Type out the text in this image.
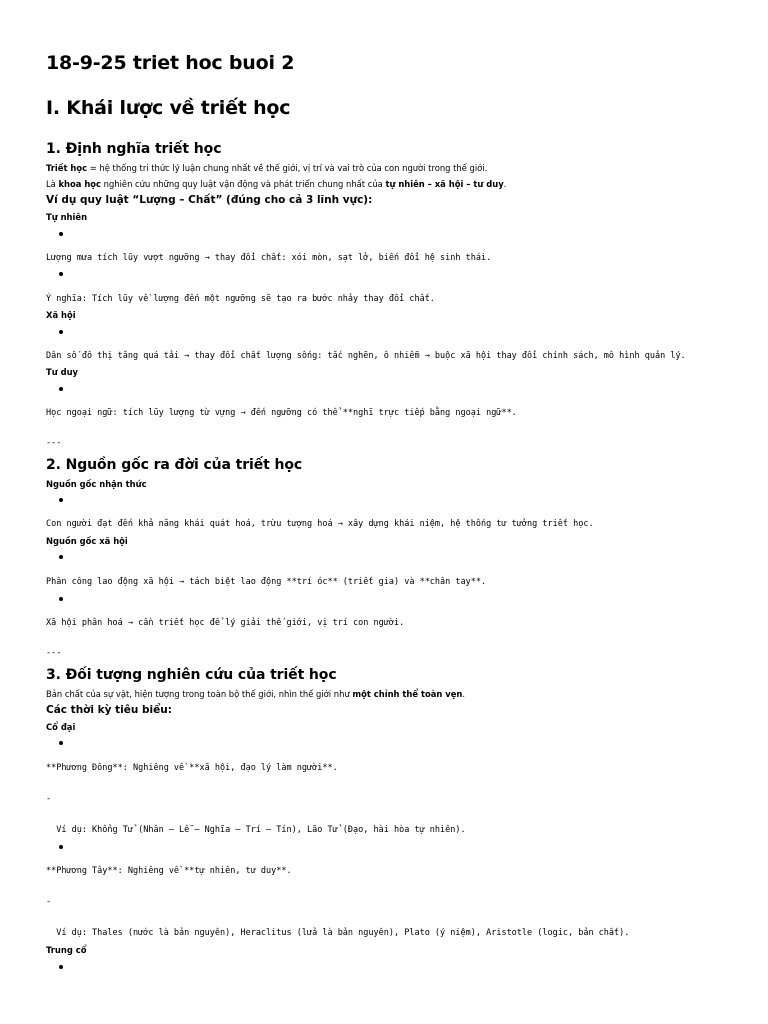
18-9-25 triet hoc buoi 2
I. Khái lược về triết học
1. Định nghĩa triết học
Triết học = hệ thống tri thức lý luận chung nhất về thế giới, vị trí và vai trò của con người trong thế giới.
Là khoa học nghiên cứu những quy luật vận động và phát triển chung nhất của tự nhiên – xã hội – tư duy.
Ví dụ quy luật “Lượng – Chất” (đúng cho cả 3 lĩnh vực):
Tự nhiên
Lượng mưa tích lũy vượt ngưỡng → thay đổi chất: xói mòn, sạt lở, biến đổi hệ sinh thái.
Ý nghĩa: Tích lũy về lượng đến một ngưỡng sẽ tạo ra bước nhảy thay đổi chất.
Xã hội
Dân số đô thị tăng quá tải → thay đổi chất lượng sống: tắc nghẽn, ô nhiễm → buộc xã hội thay đổi chính sách, mô hình quản lý.
Tư duy
Học ngoại ngữ: tích lũy lượng từ vựng → đến ngưỡng có thể **nghĩ trực tiếp bằng ngoại ngữ**.
---
2. Nguồn gốc ra đời của triết học
Nguồn gốc nhận thức
Con người đạt đến khả năng khái quát hoá, trừu tượng hoá → xây dựng khái niệm, hệ thống tư tưởng triết học.
Nguồn gốc xã hội
Phân công lao động xã hội → tách biệt lao động **trí óc** (triết gia) và **chân tay**.
Xã hội phân hoá → cần triết học để lý giải thế giới, vị trí con người.
---
3. Đối tượng nghiên cứu của triết học
Bản chất của sự vật, hiện tượng trong toàn bộ thế giới, nhìn thế giới như một chỉnh thể toàn vẹn.
Các thời kỳ tiêu biểu:
Cổ đại
**Phương Đông**: Nghiêng về **xã hội, đạo lý làm người**.
-
Ví dụ: Khổng Tử (Nhân – Lễ – Nghĩa – Trí – Tín), Lão Tử (Đạo, hài hòa tự nhiên).
**Phương Tây**: Nghiêng về **tự nhiên, tư duy**.
-
Ví dụ: Thales (nước là bản nguyên), Heraclitus (lửa là bản nguyên), Plato (ý niệm), Aristotle (logic, bản chất).
Trung cổ
